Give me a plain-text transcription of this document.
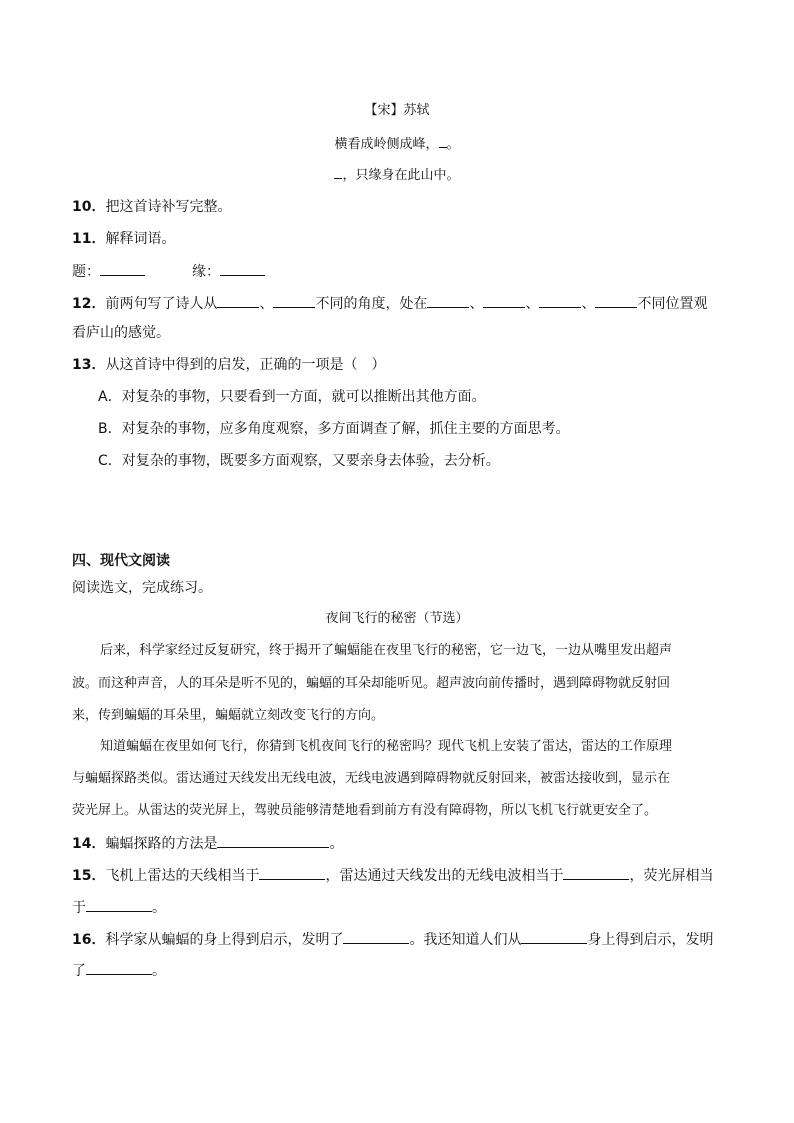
【宋】苏轼
横看成岭侧成峰， 。
，只缘身在此山中。
10．把这首诗补写完整。
11．解释词语。
题：	缘：
12．前两句写了诗人从	、	不同的角度，处在	、	、	、	不同位置观
看庐山的感觉。
13．从这首诗中得到的启发，正确的一项是（　）
A．对复杂的事物，只要看到一方面，就可以推断出其他方面。
B．对复杂的事物，应多角度观察，多方面调查了解，抓住主要的方面思考。
C．对复杂的事物，既要多方面观察，又要亲身去体验，去分析。
四、现代文阅读
阅读选文，完成练习。
夜间飞行的秘密（节选）
后来，科学家经过反复研究，终于揭开了蝙蝠能在夜里飞行的秘密，它一边飞，一边从嘴里发出超声
波。而这种声音，人的耳朵是听不见的，蝙蝠的耳朵却能听见。超声波向前传播时，遇到障碍物就反射回
来，传到蝙蝠的耳朵里，蝙蝠就立刻改变飞行的方向。
知道蝙蝠在夜里如何飞行，你猜到飞机夜间飞行的秘密吗？现代飞机上安装了雷达，雷达的工作原理
与蝙蝠探路类似。雷达通过天线发出无线电波，无线电波遇到障碍物就反射回来，被雷达接收到，显示在
荧光屏上。从雷达的荧光屏上，驾驶员能够清楚地看到前方有没有障碍物，所以飞机飞行就更安全了。
14．蝙蝠探路的方法是	。
15．飞机上雷达的天线相当于	，雷达通过天线发出的无线电波相当于	，荧光屏相当
于	。
16．科学家从蝙蝠的身上得到启示，发明了	。我还知道人们从	身上得到启示，发明
了	。
